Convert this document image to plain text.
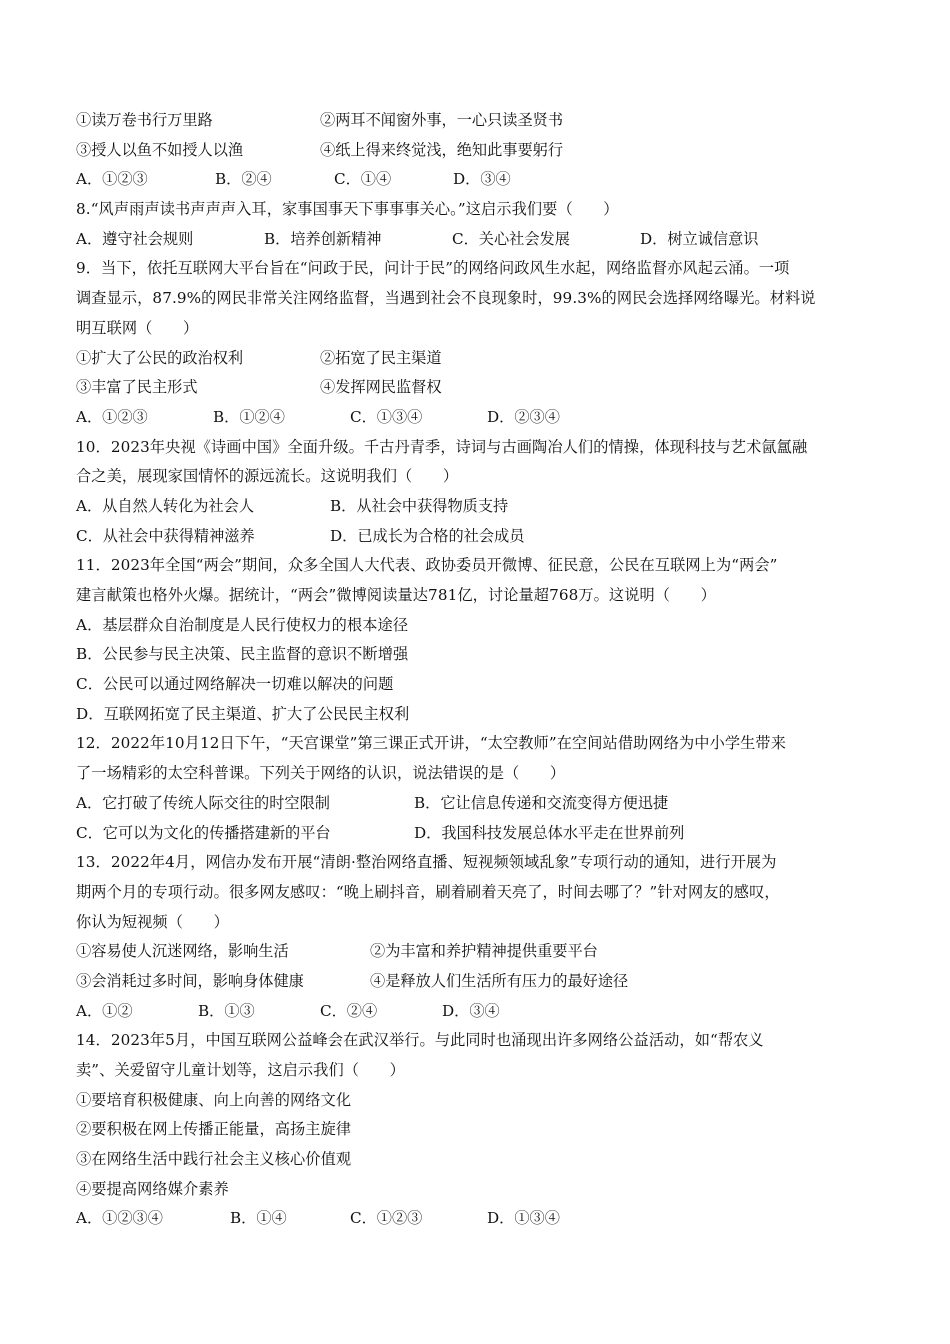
①读万卷书行万里路	②两耳不闻窗外事，一心只读圣贤书
③授人以鱼不如授人以渔	④纸上得来终觉浅，绝知此事要躬行
A．①②③	B．②④	C．①④	D．③④
8.“风声雨声读书声声声入耳，家事国事天下事事事关心。”这启示我们要（　　）
A．遵守社会规则	B．培养创新精神	C．关心社会发展	D．树立诚信意识
9．当下，依托互联网大平台旨在“问政于民，问计于民”的网络问政风生水起，网络监督亦风起云涌。一项
调查显示，87.9%的网民非常关注网络监督，当遇到社会不良现象时，99.3%的网民会选择网络曝光。材料说
明互联网（　　）
①扩大了公民的政治权利	②拓宽了民主渠道
③丰富了民主形式	④发挥网民监督权
A．①②③	B．①②④	C．①③④	D．②③④
10．2023年央视《诗画中国》全面升级。千古丹青季，诗词与古画陶冶人们的情操，体现科技与艺术氤氲融
合之美，展现家国情怀的源远流长。这说明我们（　　）
A．从自然人转化为社会人	B．从社会中获得物质支持
C．从社会中获得精神滋养	D．已成长为合格的社会成员
11．2023年全国“两会”期间，众多全国人大代表、政协委员开微博、征民意，公民在互联网上为“两会”
建言献策也格外火爆。据统计，“两会”微博阅读量达781亿，讨论量超768万。这说明（　　）
A．基层群众自治制度是人民行使权力的根本途径
B．公民参与民主决策、民主监督的意识不断增强
C．公民可以通过网络解决一切难以解决的问题
D．互联网拓宽了民主渠道、扩大了公民民主权利
12．2022年10月12日下午，“天宫课堂”第三课正式开讲，“太空教师”在空间站借助网络为中小学生带来
了一场精彩的太空科普课。下列关于网络的认识，说法错误的是（　　）
A．它打破了传统人际交往的时空限制	B．它让信息传递和交流变得方便迅捷
C．它可以为文化的传播搭建新的平台	D．我国科技发展总体水平走在世界前列
13．2022年4月，网信办发布开展“清朗·整治网络直播、短视频领域乱象”专项行动的通知，进行开展为
期两个月的专项行动。很多网友感叹：“晚上刷抖音，刷着刷着天亮了，时间去哪了？”针对网友的感叹，
你认为短视频（　　）
①容易使人沉迷网络，影响生活	②为丰富和养护精神提供重要平台
③会消耗过多时间，影响身体健康	④是释放人们生活所有压力的最好途径
A．①②	B．①③	C．②④	D．③④
14．2023年5月，中国互联网公益峰会在武汉举行。与此同时也涌现出许多网络公益活动，如“帮农义
卖”、关爱留守儿童计划等，这启示我们（　　）
①要培育积极健康、向上向善的网络文化
②要积极在网上传播正能量，高扬主旋律
③在网络生活中践行社会主义核心价值观
④要提高网络媒介素养
A．①②③④	B．①④	C．①②③	D．①③④
